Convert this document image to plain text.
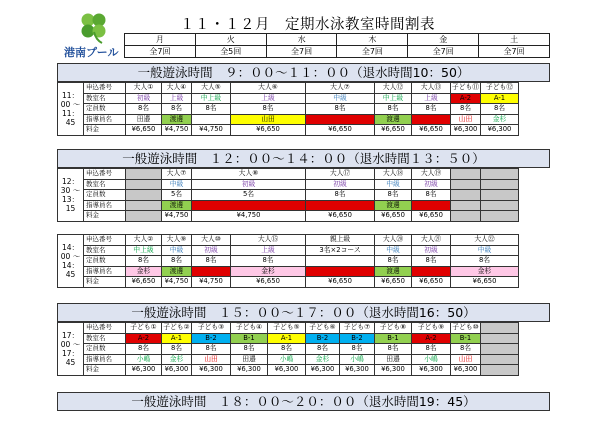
港南プール
１１・１２月　定期水泳教室時間割表
月	火	水	木	金	土
全7回	全5回	全7回	全7回	全7回	全7回
一般遊泳時間　９：００～１１：００（退水時間10：50）
11：00 ～ 11：45	申込番号	大人①	大人④	大人⑤	大人⑥	大人⑦	大人⑫	大人⑬	子ども⑪	子ども⑫
	教室名	初級	上級	中上級	上級	中級	中上級	上級	A-2	A-1
	定員数	8名	8名	8名	8名	8名	8名	8名	8名	8名
	指導員名	田邉	渡邊		山田		渡邊		山田	金杉
	料金	¥6,650	¥4,750	¥4,750	¥6,650	¥6,650	¥6,650	¥6,650	¥6,300	¥6,300
一般遊泳時間　１２：００～１４：００（退水時間１３：５０）
12：30 ～ 13：15	申込番号		大人⑦	大人⑧	大人⑰	大人⑱	大人⑲		
	教室名		中級	初級	初級	中級	初級		
	定員数		5名	5名	8名	8名	8名		
	指導員名		渡邊			渡邊			
	料金		¥4,750	¥4,750	¥6,650	¥6,650	¥6,650		
14：00 ～ 14：45	申込番号	大人②	大人⑨	大人⑩	大人⑮	親上級	大人⑳	大人㉑	大人㉒
	教室名	中上級	中級	初級	上級	3名×2コース	中級	初級	中級
	定員数	8名	8名	8名	8名		8名	8名	8名
	指導員名	金杉	渡邊		金杉		渡邊		金杉
	料金	¥6,650	¥4,750	¥4,750	¥6,650	¥6,650	¥6,650	¥6,650	¥6,650
一般遊泳時間　１５：００～１７：００（退水時間16：50）
17：00 ～ 17：45	申込番号	子ども①	子ども②	子ども③	子ども④	子ども⑤	子ども⑥	子ども⑦	子ども⑧	子ども⑨	子ども⑩	
	教室名	A-2	A-1	B-2	B-1	A-1	B-2	B-2	B-1	A-2	B-1	
	定員数	8名	8名	8名	8名	8名	8名	8名	8名	8名	8名	
	指導員名	小嶋	金杉	山田	田邉	小嶋	金杉	小嶋	田邉	小嶋	山田	
	料金	¥6,300	¥6,300	¥6,300	¥6,300	¥6,300	¥6,300	¥6,300	¥6,300	¥6,300	¥6,300	
一般遊泳時間　１８：００～２０：００（退水時間19：45）
